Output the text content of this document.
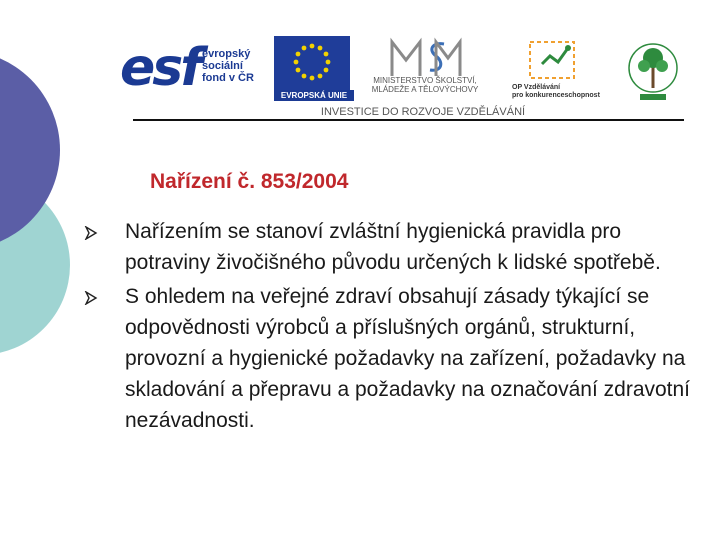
esf evropský
sociální
fond v ČR
EVROPSKÁ UNIE
MINISTERSTVO ŠKOLSTVÍ,
MLÁDEŽE A TĚLOVÝCHOVY	OP Vzdělávání
pro konkurenceschopnost
INVESTICE DO ROZVOJE VZDĚLÁVÁNÍ
Nařízení č. 853/2004
Nařízením se stanoví zvláštní hygienická pravidla pro potraviny živočišného původu určených k lidské spotřebě.
S ohledem na veřejné zdraví obsahují zásady týkající se odpovědnosti výrobců a příslušných orgánů, strukturní, provozní a hygienické požadavky na zařízení, požadavky na skladování a přepravu a požadavky na označování zdravotní nezávadnosti.
